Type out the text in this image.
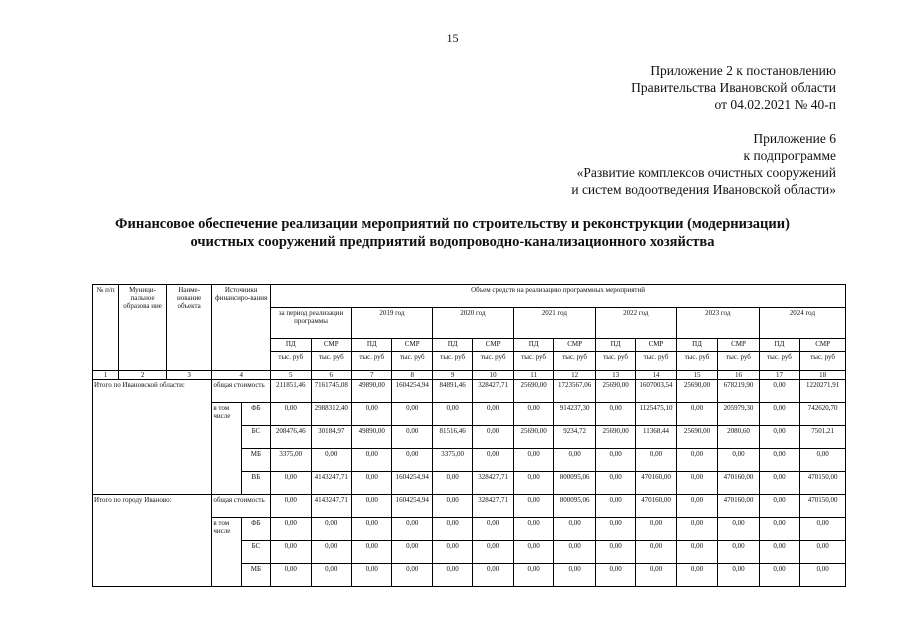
15
Приложение 2 к постановлению
Правительства Ивановской области
от 04.02.2021 № 40-п
Приложение 6
к подпрограмме
«Развитие комплексов очистных сооружений
и систем водоотведения Ивановской области»
Финансовое обеспечение реализации мероприятий по строительству и реконструкции (модернизации)
очистных сооружений предприятий водопроводно-канализационного хозяйства
№ п/п	Муници-пальное образова ние	Наиме-нование объекта	Источники финансиро-вания		Объем средств на реализацию программных мероприятий													
					за период реализации программы		2019 год		2020 год		2021 год		2022 год		2023 год		2024 год	
					ПД	СМР	ПД	СМР	ПД	СМР	ПД	СМР	ПД	СМР	ПД	СМР	ПД	СМР
					тыс. руб	тыс. руб	тыс. руб	тыс. руб	тыс. руб	тыс. руб	тыс. руб	тыс. руб	тыс. руб	тыс. руб	тыс. руб	тыс. руб	тыс. руб	тыс. руб
1	2	3	4		5	6	7	8	9	10	11	12	13	14	15	16	17	18
Итого по Ивановской области:			общая стоимость		211851,46	7161745,08	49890,00	1604254,94	84891,46	328427,71	25690,00	1723567,06	25690,00	1607003,54	25690,00	678219,90	0,00	1220271,91
			в том числе	ФБ	0,00	2988312,40	0,00	0,00	0,00	0,00	0,00	914237,30	0,00	1125475,10	0,00	205979,30	0,00	742620,70
				БС	208476,46	30184,97	49890,00	0,00	81516,46	0,00	25690,00	9234,72	25690,00	11368,44	25690,00	2080,60	0,00	7501,21
				МБ	3375,00	0,00	0,00	0,00	3375,00	0,00	0,00	0,00	0,00	0,00	0,00	0,00	0,00	0,00
				ВБ	0,00	4143247,71	0,00	1604254,94	0,00	328427,71	0,00	800095,06	0,00	470160,00	0,00	470160,00	0,00	470150,00
Итого по городу Иваново:			общая стоимость		0,00	4143247,71	0,00	1604254,94	0,00	328427,71	0,00	800095,06	0,00	470160,00	0,00	470160,00	0,00	470150,00
			в том числе	ФБ	0,00	0,00	0,00	0,00	0,00	0,00	0,00	0,00	0,00	0,00	0,00	0,00	0,00	0,00
				БС	0,00	0,00	0,00	0,00	0,00	0,00	0,00	0,00	0,00	0,00	0,00	0,00	0,00	0,00
				МБ	0,00	0,00	0,00	0,00	0,00	0,00	0,00	0,00	0,00	0,00	0,00	0,00	0,00	0,00
